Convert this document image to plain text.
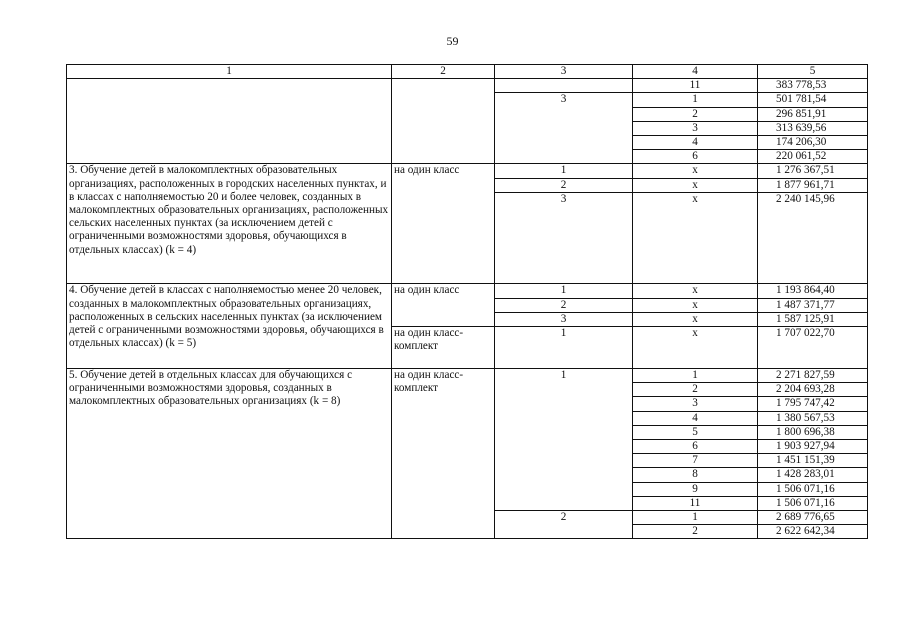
59
1	2	3	4	5
			11	383 778,53
		3	1	501 781,54
			2	296 851,91
			3	313 639,56
			4	174 206,30
			6	220 061,52
3. Обучение детей в малокомплектных образовательных организациях, расположенных в городских населенных пунктах, и в классах с наполняемостью 20 и более человек, созданных в малокомплектных образовательных организациях, расположенных сельских населенных пунктах (за исключением детей с ограниченными возможностями здоровья, обучающихся в отдельных классах) (k = 4)	на один класс	1	x	1 276 367,51
		2	x	1 877 961,71
		3	x	2 240 145,96
4. Обучение детей в классах с наполняемостью менее 20 человек, созданных в малокомплектных образовательных организациях, расположенных в сельских населенных пунктах (за исключением детей с ограниченными возможностями здоровья, обучающихся в отдельных классах) (k = 5)	на один класс	1	x	1 193 864,40
		2	x	1 487 371,77
		3	x	1 587 125,91
	на один класс-комплект	1	x	1 707 022,70

5. Обучение детей в отдельных классах для обучающихся с ограниченными возможностями здоровья, созданных в малокомплектных образовательных организациях (k = 8)	на один класс-комплект	1	1	2 271 827,59
			2	2 204 693,28
			3	1 795 747,42
			4	1 380 567,53
			5	1 800 696,38
			6	1 903 927,94
			7	1 451 151,39
			8	1 428 283,01
			9	1 506 071,16
			11	1 506 071,16
		2	1	2 689 776,65
			2	2 622 642,34
